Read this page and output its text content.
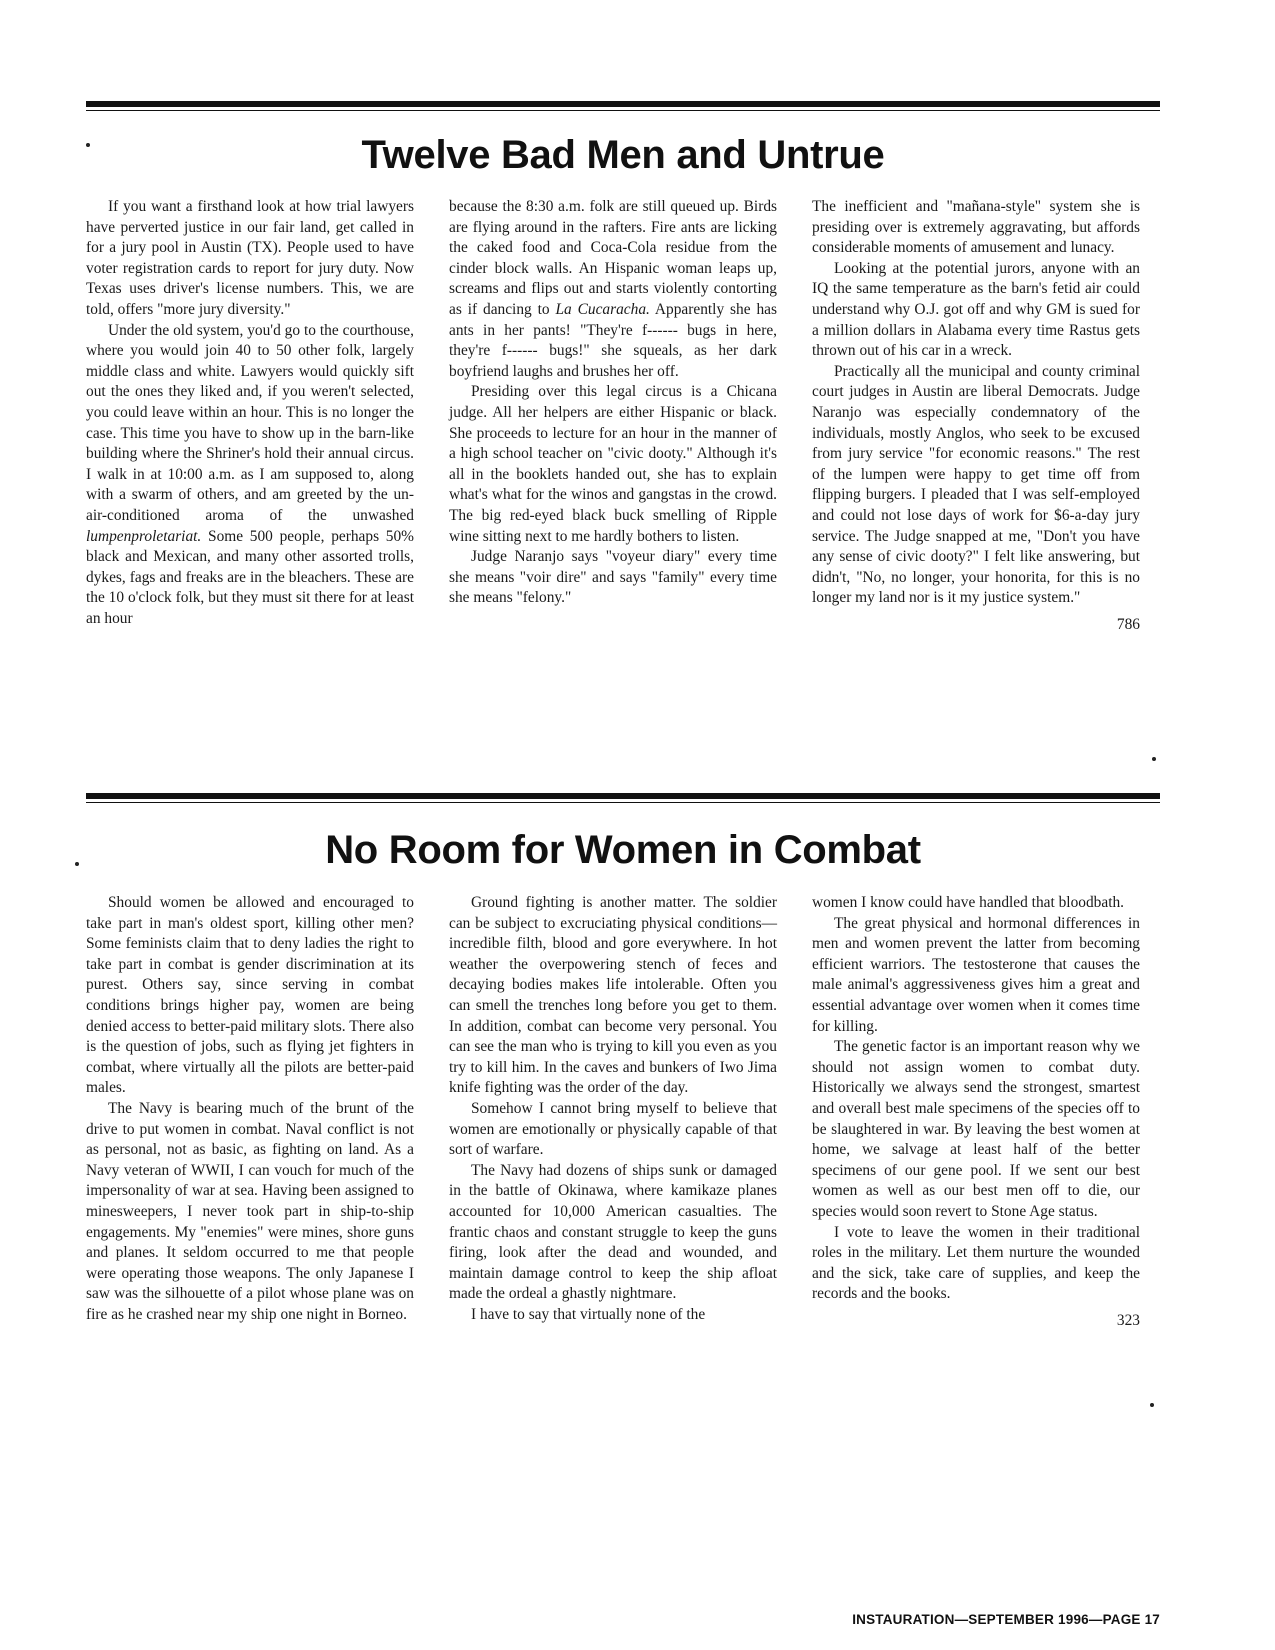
Twelve Bad Men and Untrue

If you want a firsthand look at how trial lawyers have perverted justice in our fair land, get called in for a jury pool in Austin (TX). People used to have voter registration cards to report for jury duty. Now Texas uses driver's license numbers. This, we are told, offers "more jury diversity."

Under the old system, you'd go to the courthouse, where you would join 40 to 50 other folk, largely middle class and white. Lawyers would quickly sift out the ones they liked and, if you weren't selected, you could leave within an hour. This is no longer the case. This time you have to show up in the barn-like building where the Shriner's hold their annual circus. I walk in at 10:00 a.m. as I am supposed to, along with a swarm of others, and am greeted by the un-air-conditioned aroma of the unwashed lumpenproletariat. Some 500 people, perhaps 50% black and Mexican, and many other assorted trolls, dykes, fags and freaks are in the bleachers. These are the 10 o'clock folk, but they must sit there for at least an hour

because the 8:30 a.m. folk are still queued up. Birds are flying around in the rafters. Fire ants are licking the caked food and Coca-Cola residue from the cinder block walls. An Hispanic woman leaps up, screams and flips out and starts violently contorting as if dancing to La Cucaracha. Apparently she has ants in her pants! "They're f------ bugs in here, they're f------ bugs!" she squeals, as her dark boyfriend laughs and brushes her off.

Presiding over this legal circus is a Chicana judge. All her helpers are either Hispanic or black. She proceeds to lecture for an hour in the manner of a high school teacher on "civic dooty." Although it's all in the booklets handed out, she has to explain what's what for the winos and gangstas in the crowd. The big red-eyed black buck smelling of Ripple wine sitting next to me hardly bothers to listen.

Judge Naranjo says "voyeur diary" every time she means "voir dire" and says "family" every time she means "felony."

The inefficient and "mañana-style" system she is presiding over is extremely aggravating, but affords considerable moments of amusement and lunacy.

Looking at the potential jurors, anyone with an IQ the same temperature as the barn's fetid air could understand why O.J. got off and why GM is sued for a million dollars in Alabama every time Rastus gets thrown out of his car in a wreck.

Practically all the municipal and county criminal court judges in Austin are liberal Democrats. Judge Naranjo was especially condemnatory of the individuals, mostly Anglos, who seek to be excused from jury service "for economic reasons." The rest of the lumpen were happy to get time off from flipping burgers. I pleaded that I was self-employed and could not lose days of work for $6-a-day jury service. The Judge snapped at me, "Don't you have any sense of civic dooty?" I felt like answering, but didn't, "No, no longer, your honorita, for this is no longer my land nor is it my justice system."

786
No Room for Women in Combat

Should women be allowed and encouraged to take part in man's oldest sport, killing other men? Some feminists claim that to deny ladies the right to take part in combat is gender discrimination at its purest. Others say, since serving in combat conditions brings higher pay, women are being denied access to better-paid military slots. There also is the question of jobs, such as flying jet fighters in combat, where virtually all the pilots are better-paid males.

The Navy is bearing much of the brunt of the drive to put women in combat. Naval conflict is not as personal, not as basic, as fighting on land. As a Navy veteran of WWII, I can vouch for much of the impersonality of war at sea. Having been assigned to minesweepers, I never took part in ship-to-ship engagements. My "enemies" were mines, shore guns and planes. It seldom occurred to me that people were operating those weapons. The only Japanese I saw was the silhouette of a pilot whose plane was on fire as he crashed near my ship one night in Borneo.

Ground fighting is another matter. The soldier can be subject to excruciating physical conditions—incredible filth, blood and gore everywhere. In hot weather the overpowering stench of feces and decaying bodies makes life intolerable. Often you can smell the trenches long before you get to them. In addition, combat can become very personal. You can see the man who is trying to kill you even as you try to kill him. In the caves and bunkers of Iwo Jima knife fighting was the order of the day.

Somehow I cannot bring myself to believe that women are emotionally or physically capable of that sort of warfare.

The Navy had dozens of ships sunk or damaged in the battle of Okinawa, where kamikaze planes accounted for 10,000 American casualties. The frantic chaos and constant struggle to keep the guns firing, look after the dead and wounded, and maintain damage control to keep the ship afloat made the ordeal a ghastly nightmare.

I have to say that virtually none of the

women I know could have handled that bloodbath.

The great physical and hormonal differences in men and women prevent the latter from becoming efficient warriors. The testosterone that causes the male animal's aggressiveness gives him a great and essential advantage over women when it comes time for killing.

The genetic factor is an important reason why we should not assign women to combat duty. Historically we always send the strongest, smartest and overall best male specimens of the species off to be slaughtered in war. By leaving the best women at home, we salvage at least half of the better specimens of our gene pool. If we sent our best women as well as our best men off to die, our species would soon revert to Stone Age status.

I vote to leave the women in their traditional roles in the military. Let them nurture the wounded and the sick, take care of supplies, and keep the records and the books.

323
INSTAURATION—SEPTEMBER 1996—PAGE 17
